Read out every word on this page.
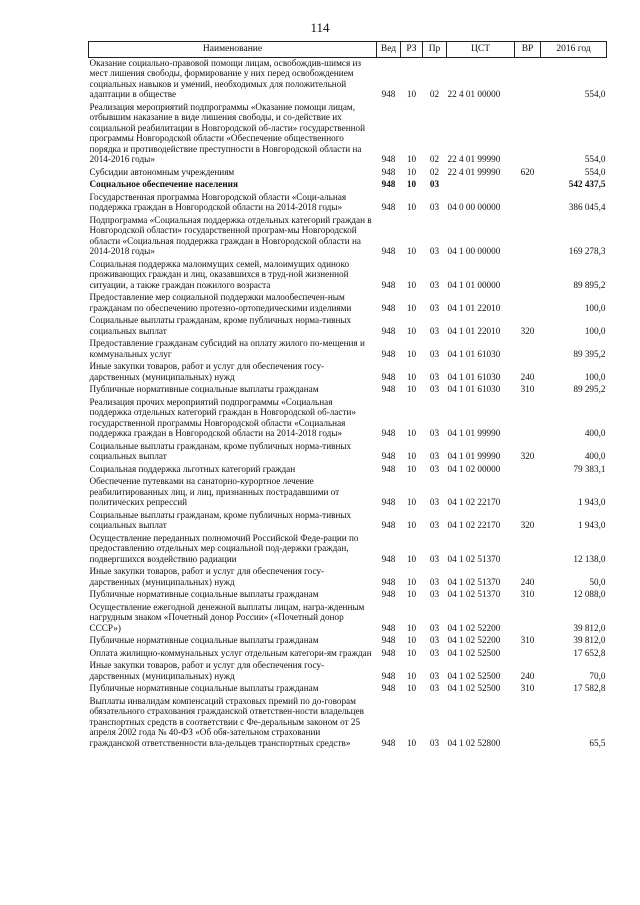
114
Наименование	Вед	РЗ	Пр	ЦСТ	ВР	2016 год
Оказание социально-правовой помощи лицам, освобождив-шимся из мест лишения свободы, формирование у них перед освобождением социальных навыков и умений, необходимых для положительной адаптации в обществе	948	10	02	22 4 01 00000		554,0
Реализация мероприятий подпрограммы «Оказание помощи лицам, отбывшим наказание в виде лишения свободы, и со-действие их социальной реабилитации в Новгородской об-ласти» государственной программы Новгородской области «Обеспечение общественного порядка и противодействие преступности в Новгородской области на 2014-2016 годы»	948	10	02	22 4 01 99990		554,0
Субсидии автономным учреждениям	948	10	02	22 4 01 99990	620	554,0
Социальное обеспечение населения	948	10	03			542 437,5
Государственная программа Новгородской области «Соци-альная поддержка граждан в Новгородской области на 2014-2018 годы»	948	10	03	04 0 00 00000		386 045,4
Подпрограмма «Социальная поддержка отдельных категорий граждан в Новгородской области» государственной програм-мы Новгородской области «Социальная поддержка граждан в Новгородской области на 2014-2018 годы»	948	10	03	04 1 00 00000		169 278,3
Социальная поддержка малоимущих семей, малоимущих одиноко проживающих граждан и лиц, оказавшихся в труд-ной жизненной ситуации, а также граждан пожилого возраста	948	10	03	04 1 01 00000		89 895,2
Предоставление мер социальной поддержки малообеспечен-ным гражданам по обеспечению протезно-ортопедическими изделиями	948	10	03	04 1 01 22010		100,0
Социальные выплаты гражданам, кроме публичных норма-тивных социальных выплат	948	10	03	04 1 01 22010	320	100,0
Предоставление гражданам субсидий на оплату жилого по-мещения и коммунальных услуг	948	10	03	04 1 01 61030		89 395,2
Иные закупки товаров, работ и услуг для обеспечения госу-дарственных (муниципальных) нужд	948	10	03	04 1 01 61030	240	100,0
Публичные нормативные социальные выплаты гражданам	948	10	03	04 1 01 61030	310	89 295,2
Реализация прочих мероприятий подпрограммы «Социальная поддержка отдельных категорий граждан в Новгородской об-ласти» государственной программы Новгородской области «Социальная поддержка граждан в Новгородской области на 2014-2018 годы»	948	10	03	04 1 01 99990		400,0
Социальные выплаты гражданам, кроме публичных норма-тивных социальных выплат	948	10	03	04 1 01 99990	320	400,0
Социальная поддержка льготных категорий граждан	948	10	03	04 1 02 00000		79 383,1
Обеспечение путевками на санаторно-курортное лечение реабилитированных лиц, и лиц, признанных пострадавшими от политических репрессий	948	10	03	04 1 02 22170		1 943,0
Социальные выплаты гражданам, кроме публичных норма-тивных социальных выплат	948	10	03	04 1 02 22170	320	1 943,0
Осуществление переданных полномочий Российской Феде-рации по предоставлению отдельных мер социальной под-держки граждан, подвергшихся воздействию радиации	948	10	03	04 1 02 51370		12 138,0
Иные закупки товаров, работ и услуг для обеспечения госу-дарственных (муниципальных) нужд	948	10	03	04 1 02 51370	240	50,0
Публичные нормативные социальные выплаты гражданам	948	10	03	04 1 02 51370	310	12 088,0
Осуществление ежегодной денежной выплаты лицам, награ-жденным нагрудным знаком «Почетный донор России» («Почетный донор СССР»)	948	10	03	04 1 02 52200		39 812,0
Публичные нормативные социальные выплаты гражданам	948	10	03	04 1 02 52200	310	39 812,0
Оплата жилищно-коммунальных услуг отдельным категори-ям граждан	948	10	03	04 1 02 52500		17 652,8
Иные закупки товаров, работ и услуг для обеспечения госу-дарственных (муниципальных) нужд	948	10	03	04 1 02 52500	240	70,0
Публичные нормативные социальные выплаты гражданам	948	10	03	04 1 02 52500	310	17 582,8
Выплаты инвалидам компенсаций страховых премий по до-говорам обязательного страхования гражданской ответствен-ности владельцев транспортных средств в соответствии с Фе-деральным законом от 25 апреля 2002 года № 40-ФЗ «Об обя-зательном страховании гражданской ответственности вла-дельцев транспортных средств»	948	10	03	04 1 02 52800		65,5
